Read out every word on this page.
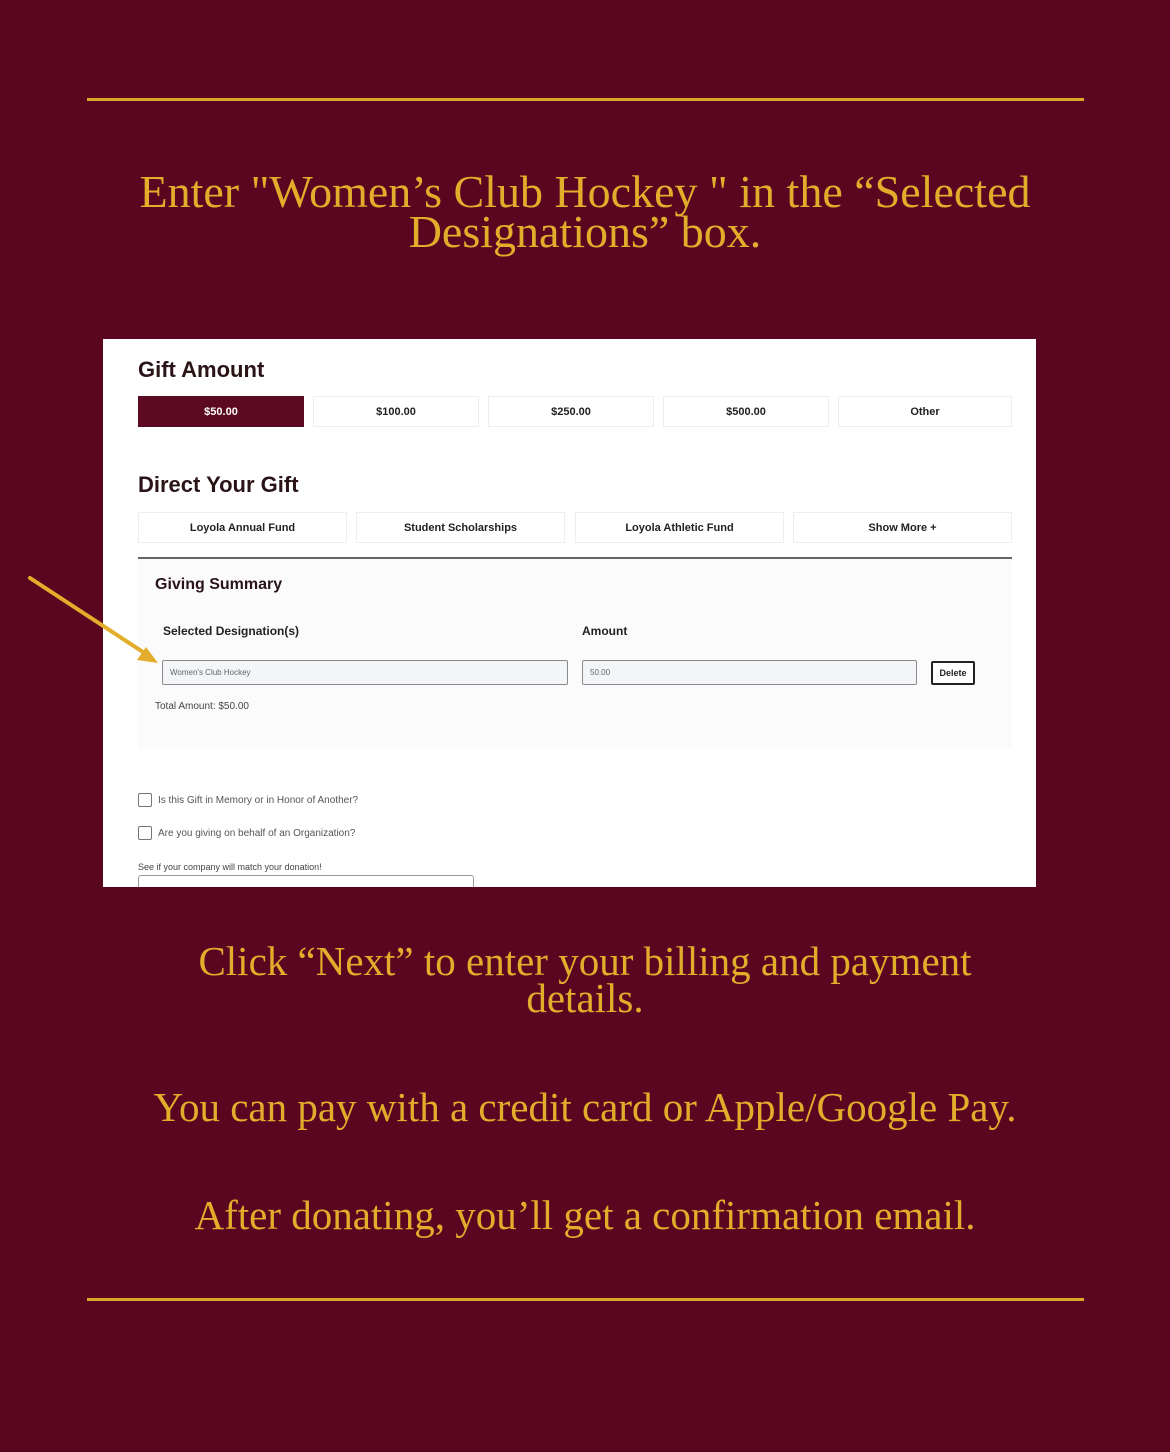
Enter "Women’s Club Hockey " in the “Selected
Designations” box.
Gift Amount
$50.00	$100.00	$250.00	$500.00	Other
Direct Your Gift
Loyola Annual Fund	Student Scholarships	Loyola Athletic Fund	Show More +
Giving Summary
Selected Designation(s)	Amount
Women's Club Hockey	50.00	Delete
Total Amount: $50.00
Is this Gift in Memory or in Honor of Another?
Are you giving on behalf of an Organization?
See if your company will match your donation!
Click “Next” to enter your billing and payment
details.
You can pay with a credit card or Apple/Google Pay.
After donating, you’ll get a confirmation email.
